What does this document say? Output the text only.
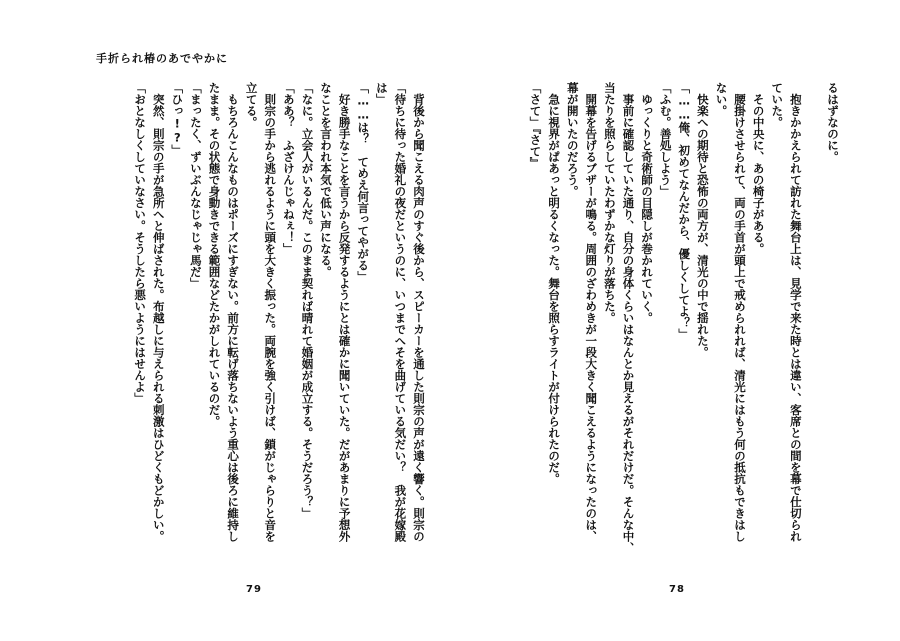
手折られ椿のあでやかに
　背後から聞こえる肉声のすぐ後から、スピーカーを通した則宗の声が遠く響く。則宗の
「待ちに待った婚礼の夜だというのに、いつまでへそを曲げている気だい？　我が花嫁殿
は」
「……は？　てめえ何言ってやがる」
　好き勝手なことを言うから反発するようにとは確かに聞いていた。だがあまりに予想外
なことを言われ本気で低い声になる。
「なに。立会人がいるんだ。このまま契れば晴れて婚姻が成立する。そうだろう？」
「ああ？　ふざけんじゃねぇ！」
　則宗の手から逃れるように頭を大きく振った。両腕を強く引けば、鎖がじゃらりと音を
立てる。
　もちろんこんなものはポーズにすぎない。前方に転げ落ちないよう重心は後ろに維持し
たまま。その状態で身動きできる範囲などたかがしれているのだ。
「まったく、ずいぶんなじゃじゃ馬だ」
「ひっ!?」
　突然、則宗の手が急所へと伸ばされた。布越しに与えられる刺激はひどくもどかしい。
「おとなしくしていなさい。そうしたら悪いようにはせんよ」	るはずなのに。
　抱きかかえられて訪れた舞台上は、見学で来た時とは違い、客席との間を幕で仕切られ
ていた。
　その中央に、あの椅子がある。
　腰掛けさせられて、両の手首が頭上で戒められれば、清光にはもう何の抵抗もできはし
ない。
　快楽への期待と恐怖の両方が、清光の中で揺れた。
「……俺、初めてなんだから、優しくしてよ？」
「ふむ。善処しよう」
　ゆっくりと奇術師の目隠しが巻かれていく。
　事前に確認していた通り、自分の身体くらいはなんとか見えるがそれだけだ。そんな中、
当たりを照らしていたわずかな灯りが落ちた。
　開幕を告げるブザーが鳴る。周囲のざわめきが一段大きく聞こえるようになったのは、
幕が開いたのだろう。
　急に視界がぱあっと明るくなった。舞台を照らすライトが付けられたのだ。
「さて」『さて』
79	78
